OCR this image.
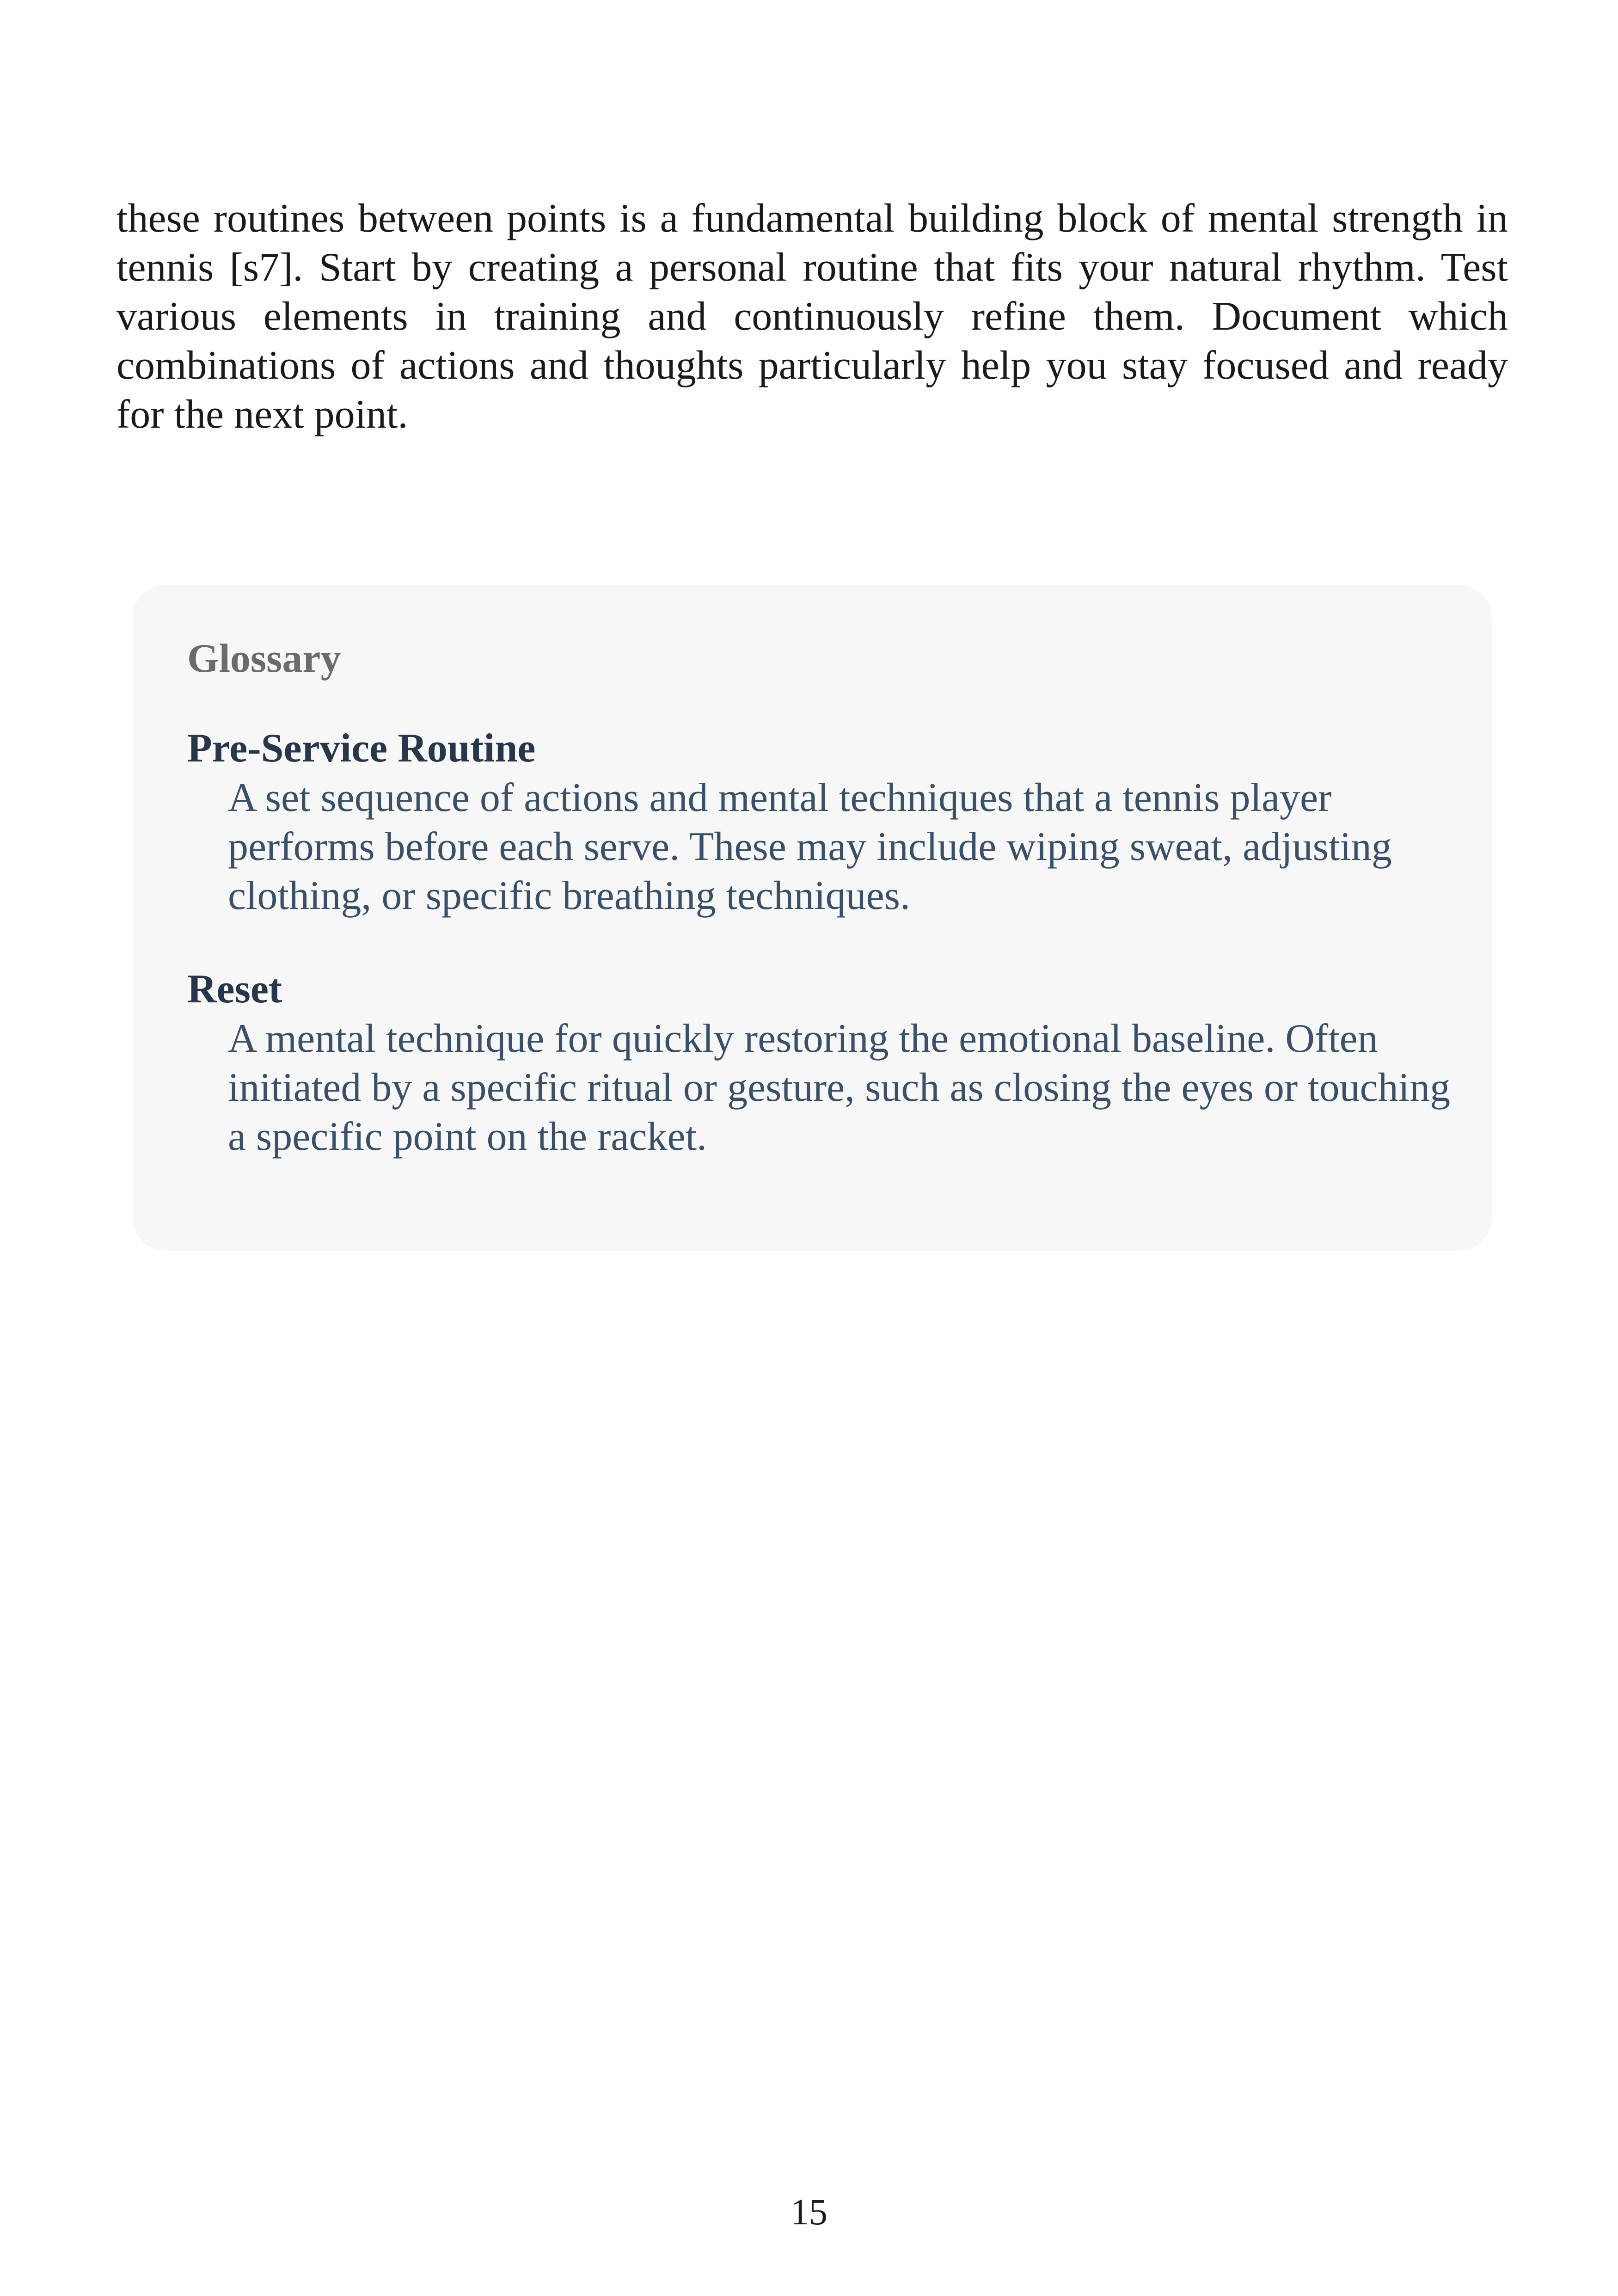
these routines between points is a fundamental building block of mental strength in tennis [s7]. Start by creating a personal routine that fits your natural rhythm. Test various elements in training and continuously refine them. Document which combinations of actions and thoughts particularly help you stay focused and ready for the next point.

Glossary

Pre-Service Routine

A set sequence of actions and mental techniques that a tennis player performs before each serve. These may include wiping sweat, adjusting clothing, or specific breathing techniques.

Reset

A mental technique for quickly restoring the emotional baseline. Often initiated by a specific ritual or gesture, such as closing the eyes or touching a specific point on the racket.

15
